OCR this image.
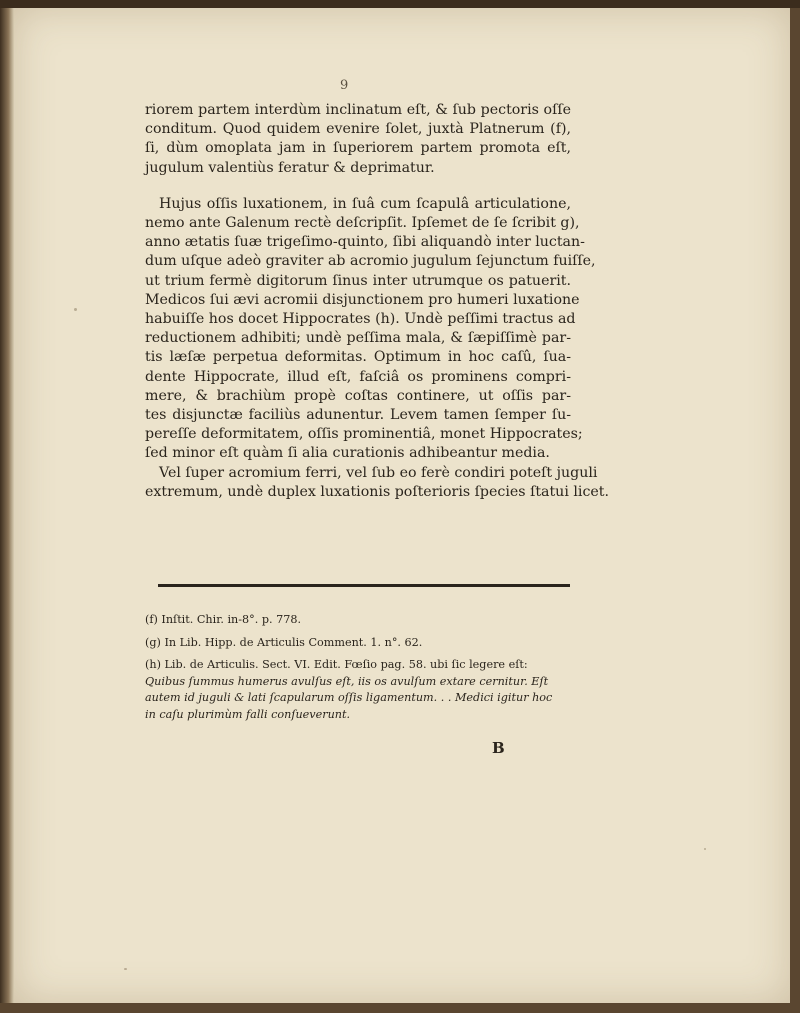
9
riorem partem interdùm inclinatum eſt, & ſub pectoris oſſe
conditum. Quod quidem evenire ſolet, juxtà Platnerum (f),
ſi, dùm omoplata jam in ſuperiorem partem promota eſt,
jugulum valentiùs feratur & deprimatur.
Hujus oſſis luxationem, in ſuâ cum ſcapulâ articulatione,
nemo ante Galenum rectè deſcripſit. Ipſemet de ſe ſcribit g),
anno ætatis ſuæ trigeſimo-quinto, ſibi aliquandò inter luctan-
dum uſque adeò graviter ab acromio jugulum ſejunctum fuiſſe,
ut trium fermè digitorum ſinus inter utrumque os patuerit.
Medicos ſui ævi acromii disjunctionem pro humeri luxatione
habuiſſe hos docet Hippocrates (h). Undè peſſimi tractus ad
reductionem adhibiti; undè peſſima mala, & ſæpiſſimè par-
tis læſæ perpetua deformitas. Optimum in hoc caſû, ſua-
dente Hippocrate, illud eſt, faſciâ os prominens compri-
mere, & brachiùm propè coſtas continere, ut oſſis par-
tes disjunctæ faciliùs adunentur. Levem tamen ſemper ſu-
pereſſe deformitatem, oſſis prominentiâ, monet Hippocrates;
ſed minor eſt quàm ſi alia curationis adhibeantur media.
Vel ſuper acromium ferri, vel ſub eo ferè condiri poteſt juguli
extremum, undè duplex luxationis poſterioris ſpecies ſtatui licet.
(f) Inſtit. Chir. in-8°. p. 778.
(g) In Lib. Hipp. de Articulis Comment. 1. n°. 62.
(h) Lib. de Articulis. Sect. VI. Edit. Fœſio pag. 58. ubi ſic legere eſt:
Quibus ſummus humerus avulſus eſt, iis os avulſum extare cernitur. Eſt
autem id juguli & lati ſcapularum oſſis ligamentum. . . Medici igitur hoc
in caſu plurimùm falli conſueverunt.
B
